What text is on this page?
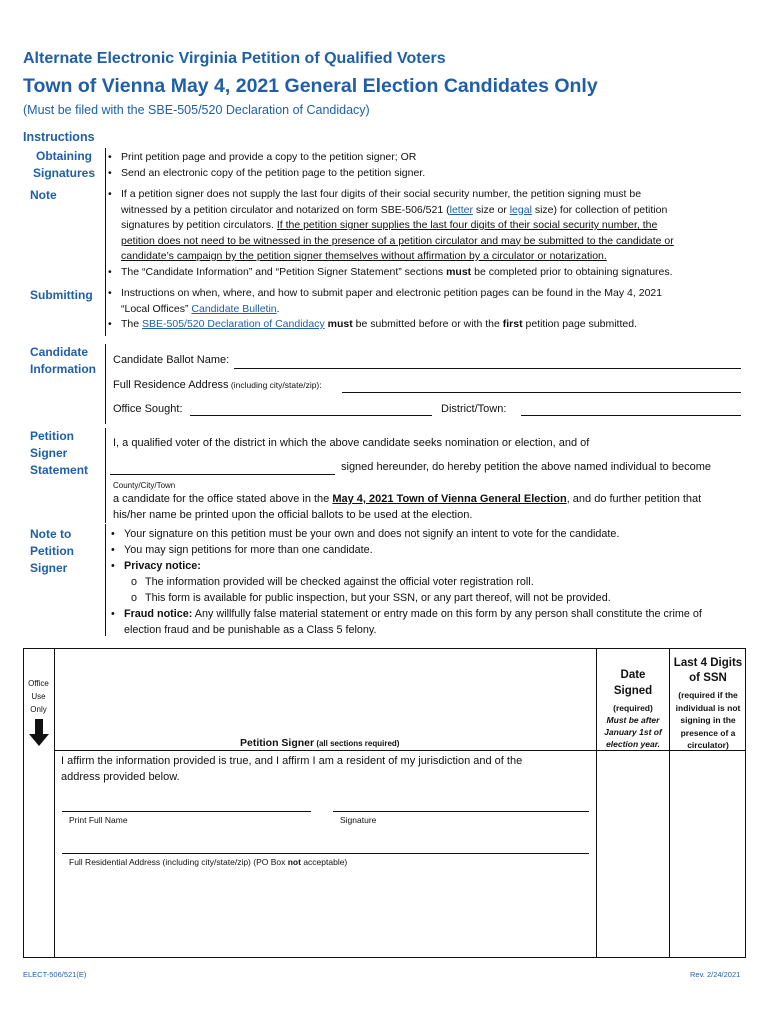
Alternate Electronic Virginia Petition of Qualified Voters
Town of Vienna May 4, 2021 General Election Candidates Only
(Must be filed with the SBE-505/520 Declaration of Candidacy)
Instructions
Obtaining
Signatures
• Print petition page and provide a copy to the petition signer; OR
• Send an electronic copy of the petition page to the petition signer.
Note	• If a petition signer does not supply the last four digits of their social security number, the petition signing must be
witnessed by a petition circulator and notarized on form SBE-506/521 (letter size or legal size) for collection of petition
signatures by petition circulators. If the petition signer supplies the last four digits of their social security number, the
petition does not need to be witnessed in the presence of a petition circulator and may be submitted to the candidate or
candidate’s campaign by the petition signer themselves without affirmation by a circulator or notarization.
• The “Candidate Information” and “Petition Signer Statement” sections must be completed prior to obtaining signatures.
Submitting	• Instructions on when, where, and how to submit paper and electronic petition pages can be found in the May 4, 2021
“Local Offices” Candidate Bulletin.
• The SBE-505/520 Declaration of Candidacy must be submitted before or with the first petition page submitted.
Candidate
Information
Candidate Ballot Name:
Full Residence Address (including city/state/zip):
Office Sought:	District/Town:
Petition
Signer
Statement
I, a qualified voter of the district in which the above candidate seeks nomination or election, and of
signed hereunder, do hereby petition the above named individual to become
County/City/Town
a candidate for the office stated above in the May 4, 2021 Town of Vienna General Election, and do further petition that
his/her name be printed upon the official ballots to be used at the election.
Note to
Petition
Signer
• Your signature on this petition must be your own and does not signify an intent to vote for the candidate.
• You may sign petitions for more than one candidate.
• Privacy notice:
o The information provided will be checked against the official voter registration roll.
o This form is available for public inspection, but your SSN, or any part thereof, will not be provided.
• Fraud notice: Any willfully false material statement or entry made on this form by any person shall constitute the crime of
election fraud and be punishable as a Class 5 felony.
Office
Use
Only
Petition Signer (all sections required)
Date
Signed
(required)
Must be after
January 1st of
election year.
Last 4 Digits
of SSN
(required if the
individual is not
signing in the
presence of a
circulator)
I affirm the information provided is true, and I affirm I am a resident of my jurisdiction and of the
address provided below.
Print Full Name	Signature
Full Residential Address (including city/state/zip) (PO Box not acceptable)
ELECT-506/521(E)	Rev. 2/24/2021
